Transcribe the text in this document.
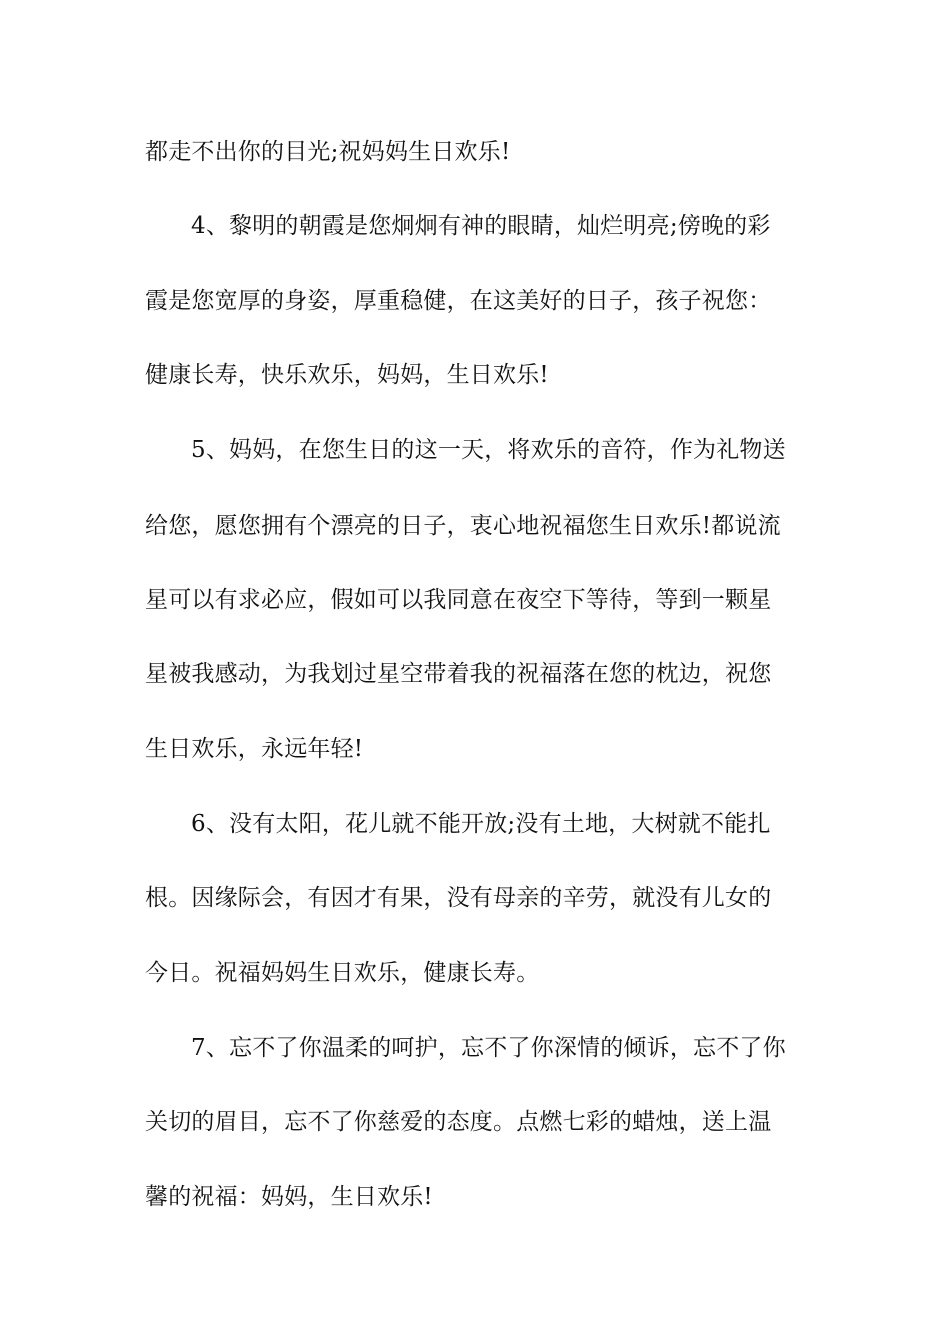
都走不出你的目光;祝妈妈生日欢乐!
4、黎明的朝霞是您炯炯有神的眼睛，灿烂明亮;傍晚的彩
霞是您宽厚的身姿，厚重稳健，在这美好的日子，孩子祝您：
健康长寿，快乐欢乐，妈妈，生日欢乐!
5、妈妈，在您生日的这一天，将欢乐的音符，作为礼物送
给您，愿您拥有个漂亮的日子，衷心地祝福您生日欢乐!都说流
星可以有求必应，假如可以我同意在夜空下等待，等到一颗星
星被我感动，为我划过星空带着我的祝福落在您的枕边，祝您
生日欢乐，永远年轻!
6、没有太阳，花儿就不能开放;没有土地，大树就不能扎
根。因缘际会，有因才有果，没有母亲的辛劳，就没有儿女的
今日。祝福妈妈生日欢乐，健康长寿。
7、忘不了你温柔的呵护，忘不了你深情的倾诉，忘不了你
关切的眉目，忘不了你慈爱的态度。点燃七彩的蜡烛，送上温
馨的祝福：妈妈，生日欢乐!
